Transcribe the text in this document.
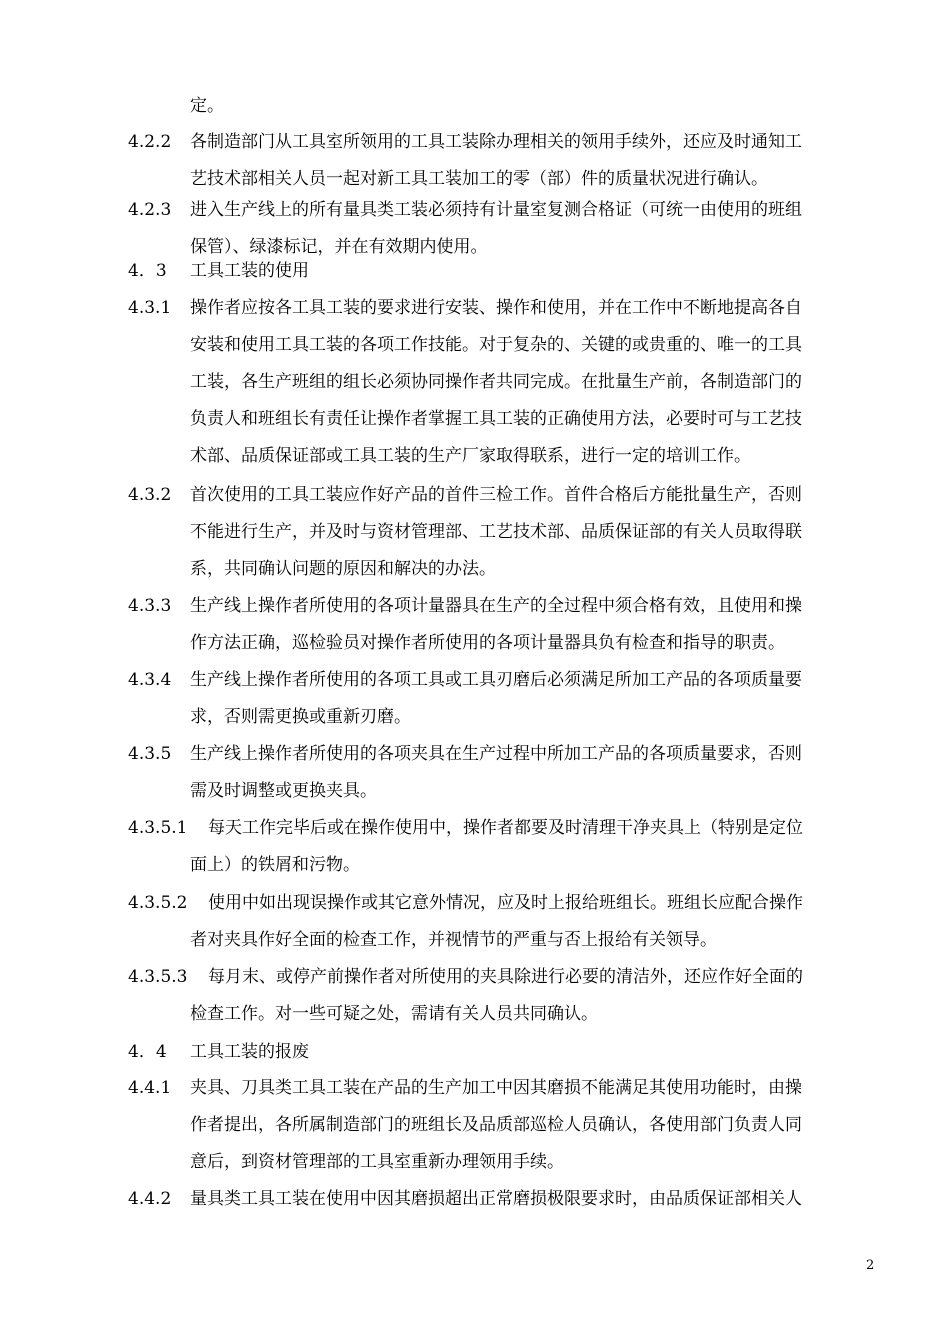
定。
4.2.2 各制造部门从工具室所领用的工具工装除办理相关的领用手续外，还应及时通知工
艺技术部相关人员一起对新工具工装加工的零（部）件的质量状况进行确认。
4.2.3 进入生产线上的所有量具类工装必须持有计量室复测合格证（可统一由使用的班组
保管）、绿漆标记，并在有效期内使用。
4．3 工具工装的使用
4.3.1 操作者应按各工具工装的要求进行安装、操作和使用，并在工作中不断地提高各自
安装和使用工具工装的各项工作技能。对于复杂的、关键的或贵重的、唯一的工具
工装，各生产班组的组长必须协同操作者共同完成。在批量生产前，各制造部门的
负责人和班组长有责任让操作者掌握工具工装的正确使用方法，必要时可与工艺技
术部、品质保证部或工具工装的生产厂家取得联系，进行一定的培训工作。
4.3.2 首次使用的工具工装应作好产品的首件三检工作。首件合格后方能批量生产，否则
不能进行生产，并及时与资材管理部、工艺技术部、品质保证部的有关人员取得联
系，共同确认问题的原因和解决的办法。
4.3.3 生产线上操作者所使用的各项计量器具在生产的全过程中须合格有效，且使用和操
作方法正确，巡检验员对操作者所使用的各项计量器具负有检查和指导的职责。
4.3.4 生产线上操作者所使用的各项工具或工具刃磨后必须满足所加工产品的各项质量要
求，否则需更换或重新刃磨。
4.3.5 生产线上操作者所使用的各项夹具在生产过程中所加工产品的各项质量要求，否则
需及时调整或更换夹具。
4.3.5.1 每天工作完毕后或在操作使用中，操作者都要及时清理干净夹具上（特别是定位
面上）的铁屑和污物。
4.3.5.2 使用中如出现误操作或其它意外情况，应及时上报给班组长。班组长应配合操作
者对夹具作好全面的检查工作，并视情节的严重与否上报给有关领导。
4.3.5.3 每月末、或停产前操作者对所使用的夹具除进行必要的清洁外，还应作好全面的
检查工作。对一些可疑之处，需请有关人员共同确认。
4．4 工具工装的报废
4.4.1 夹具、刀具类工具工装在产品的生产加工中因其磨损不能满足其使用功能时，由操
作者提出，各所属制造部门的班组长及品质部巡检人员确认，各使用部门负责人同
意后，到资材管理部的工具室重新办理领用手续。
4.4.2 量具类工具工装在使用中因其磨损超出正常磨损极限要求时，由品质保证部相关人
2
